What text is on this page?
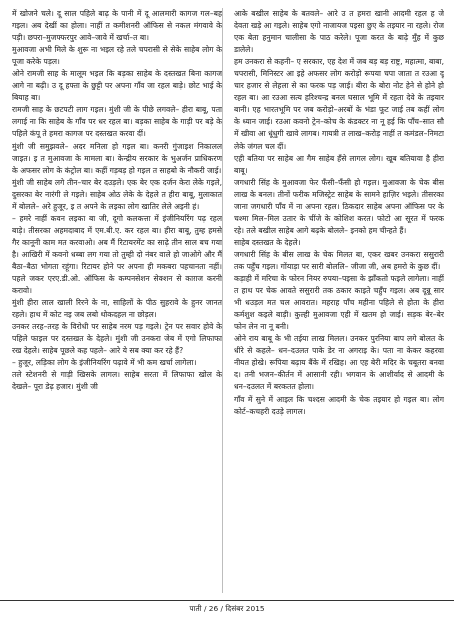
में खोजने चले। दू साल पहिले बाढ़ के पानी में दू आलमारी कागज गल–बह गइल। अब देखीं का होला। नाहीं त कमीशनरी ऑफिस से नकल मंगवावे के पड़ी। छपरा–मुजफ्फरपुर आवे–जावे में खर्चा–त बा।

मुआवजा अभी मिले के शुरू ना भइल रहे तले चपरासी से सेके साहेब लोग के पूजा करेके पड़ल।

ओने रामजी साह के मालूम भइल कि बड़का साहेब के दस्तखत बिना कागज आगे ना बढ़ी। उ दू हफ्ता के छुट्टी पर अपना गाँव जा रहल बाड़े। छोट भाई के बियाह बा।

रामजी साह के छटपटी लाग गइल। मुंशी जी के पीछे लगवले– हीरा बाबू, पता लगाई ना कि साहेब के गाँव पर धर रहल बा। बड़का साहेब के गाड़ी पर बड़े के पहिले कंपू ते हमरा कागज पर दस्तखत करवा दीं।

मुंशी जी समुझवले– अदर मनिला हो गइल बा। कनरी गुंजाइश निकालल जाइत। इ त मुआवजा के मामला बा। केन्द्रीय सरकार के भुअर्जन प्राधिकरण के अफसर लोग के कंट्रोल बा। कहीं गड़बड़ हो गइल त साहबो के नौकरी जाई।

मुंशी जी साहेब लगे तीन–चार बेर दउड़ले। एक बेर एक दर्जन केरा लेके गइले, दुसरका बेर नारंगी ले गइले। साहेब ओठ लेके के देहले त हीरा बाबू, मुलाकात में बोलले– अरे हुजूर, इ त अपने के लइका लोग खातिर लेले अइनी हं।

– हमरे नाहीं कवन लइका बा जी, दूगो कलकत्ता में इंजीनियरिंग पढ़ रहल बाड़े। तीसरका अहमदाबाद में एम.बी.ए. कर रहल बा। हीरा बाबू, तुम्ह हमसे गैर कानूनी काम मत करवाओ। अब मैं रिटायरमेंट का साढ़े तीन साल बच गया है। आखिरी में कवनो धब्बा लग गया तो तुम्ही दो नंबर वाले हो जाओगे और मैं बैठा–बैठा भोगता रहूंगा। रिटायर होने पर अपना ही मकबरा पहचानता नहीं। पहले जकर एरए.डी.ओ. ऑफिस के कम्पनसेशन सेक्शन से काग़ज करनी करावो।

मुंशी हीरा लाल खाली रिरने के ना, साहिलों के पीठ सुहरावे के हुनर जानत रहले। हाथ में कोट नइ जब लबो थोकदहल ना छोड़ल।

उनकर तरह–तरह के विरोधी पर साहेब नरम पड़ गइले। ट्रेन पर सवार होवे के पहिले फाइल पर दस्तखत के देहले। मुंशी जी उनकरा जेब में एगो लिफाफा रख देहले। साहेब पूछले कह पहले– आरे ये सब क्या कर रहे हैं?

– हुजूर, लड़िका लोग के इंजीनियरिंग पढ़ावे में भी कम खर्चा लागेला।

तले स्टेशनरी से गाड़ी खिसके लागल। साहेब सरता में लिफाफा खोल के देखले– पूरा डेढ़ हजार। मुंशी जी

आके बखील साहेब के बतवले– आरे उ त हमरा खानी आदमी रहल ह जे देवता खड़े आ गइले। साहेब एगो नाजायज पइसा छुए के तइयार ना रहले। रोज एक बेता हनुमान चालीसा के पाठ करेले। पूजा करत के बाढ़े मुँह में कुछ डालेले।

हम उनकरा से कहनी– ए सरकार, एह देश में जब बड़ बड़ राष्ट्र, महात्मा, बाबा, चपरासी, मिनिस्टर आ इहे अफसर लोग करोड़ो रूपया चपा जाता त रउआ दू चार हजार से लेहला से का फरक पड़ जाई। बीरा के बोरा नोट हेने से होने हो रहल बा। आ रउआ सत्य हरिश्चन्द्र बनल घसाल भूमि में रहता देवे के तइयार बानी। एह भारतभूमि पर जब करोड़ो–अरबों के भंडा फूट जाई तब कहीं लोग के ध्यान जाई। रउआ कवनो ट्रेन–कोच के कंडक्टर ना नू हई कि पाँच–सात सौ में खीवा आ धूंधुगी खावे लागब। गायत्री त लाख–करोड़ नाहीं त कमंडल–निमटा लेके जंगल चल दीं।

एही बतिया पर साहेब आ गैम साहेब हँसे लागल लोग। खूब बतियावा है हीरा बाबू।

जगधारी सिंह के मुआवजा फेर फँसी–फँसी हो गइल। मुआवजा के चेक बीस लाख के बनल। तीनों फरीक मजिस्ट्रेट साहेब के सामने हाज़िर भइले। तीसरका जाना जगधारी पाँव में ना अपना रहल। ठिकदार साहेब अपना ऑफिस पर के चश्मा मिल–मिल उतार के चींजे के कोशिश करत। फोटो आ सूरत में फरक रहे। तले बखील साहेब आगे बढ़के बोलले– इनको हम चीन्हते हैं।

साहेब दस्तखत के देहले।

जगधारी सिंह के बीस लाख के चेक मिलत बा, एकर खबर उनकरा ससुरारी तक पहुँच गइल। गोंयाड़ा पर सारी बोललि– जीजा जी, अब हमरो के कुछ दीं।

कड़ाही में मरिचा के फोरन नियर रुपया–पइसा के झाँकतो फइले लागेला। नाहीं त हाथ पर चेक आवते ससुरारी तक ठकार काइते चहुँप गइल। अब दून्नू सार भी धउड़ल मत चल आवरात। महराह पाँच महीना पहिले से होता के हीरा कर्मशुश कइले बाड़ी। कुल्ही मुआवजा एही में खतम हो जाई। सड़क बेर–बेर फोन लेन ना नू बनी।

ओने राय बाबू के भी तईया लाख मिलल। उनकर पुरनिया बाप लगे बोलत के धीरे से कहले– धन–दउलत पाके डेर ना अगराइ के। पता ना केकर कहरवा नीयत होखे। रूपिया बढ़ाय बैंके में रखिह। आ एह बेरी मदिर के चबूतरा बनवा द। तनी भजन–कीर्तन में आसानी रही। भगवान के आशीर्वाद से आदमी के धन–दउलत में बरकतत होला।

गाँव में सुने में आइल कि चश्दस आदमी के चेक तइयार हो गइल बा। लोग कोर्ट–कचहरी दउड़े लागल।

पाती / 26 / दिसंबर 2015
